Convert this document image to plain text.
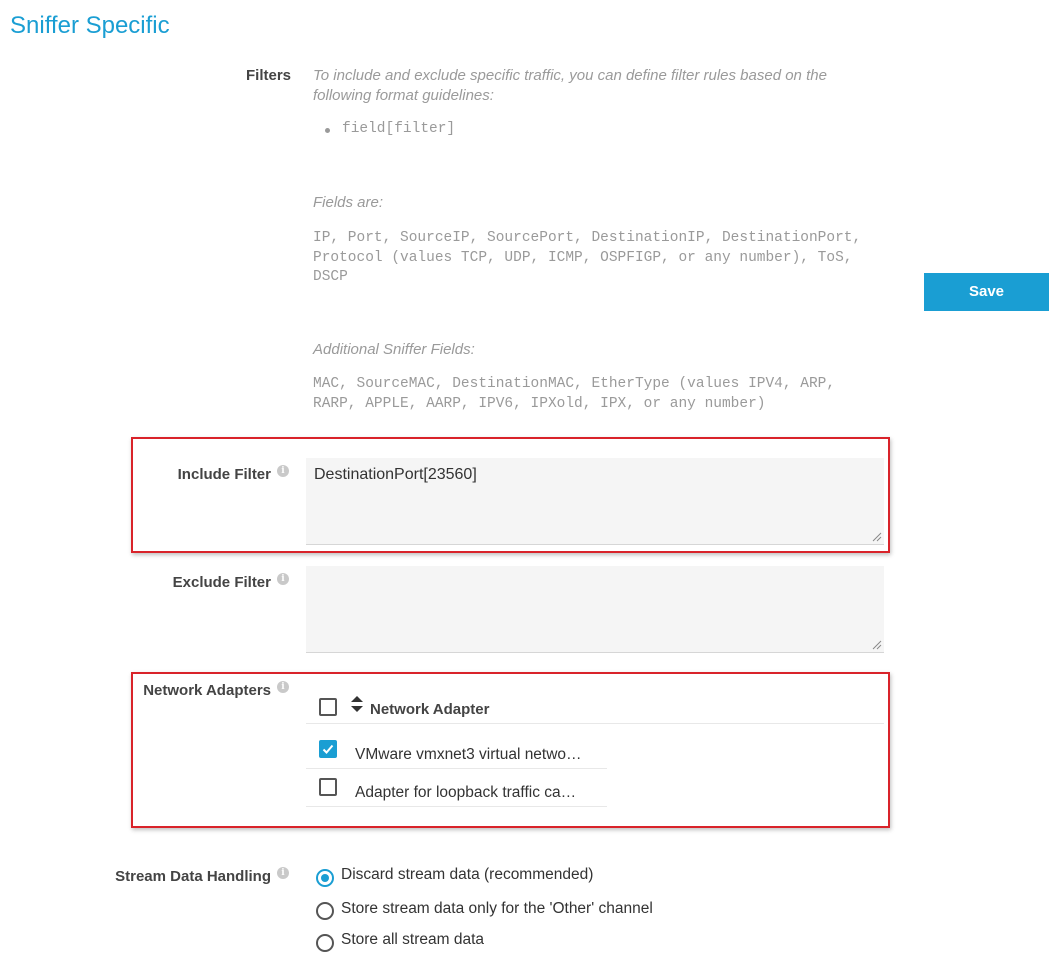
Sniffer Specific
Filters To include and exclude specific traffic, you can define filter rules based on the following format guidelines:
field[filter]
Fields are:
IP, Port, SourceIP, SourcePort, DestinationIP, DestinationPort, Protocol (values TCP, UDP, ICMP, OSPFIGP, or any number), ToS, DSCP
Additional Sniffer Fields:
MAC, SourceMAC, DestinationMAC, EtherType (values IPV4, ARP, RARP, APPLE, AARP, IPV6, IPXold, IPX, or any number)
Save
Include Filter	i	DestinationPort[23560]
Exclude Filter	i
Network Adapters	i
Network Adapter
VMware vmxnet3 virtual netwo…
Adapter for loopback traffic ca…
Stream Data Handling	i	Discard stream data (recommended)
Store stream data only for the 'Other' channel
Store all stream data
